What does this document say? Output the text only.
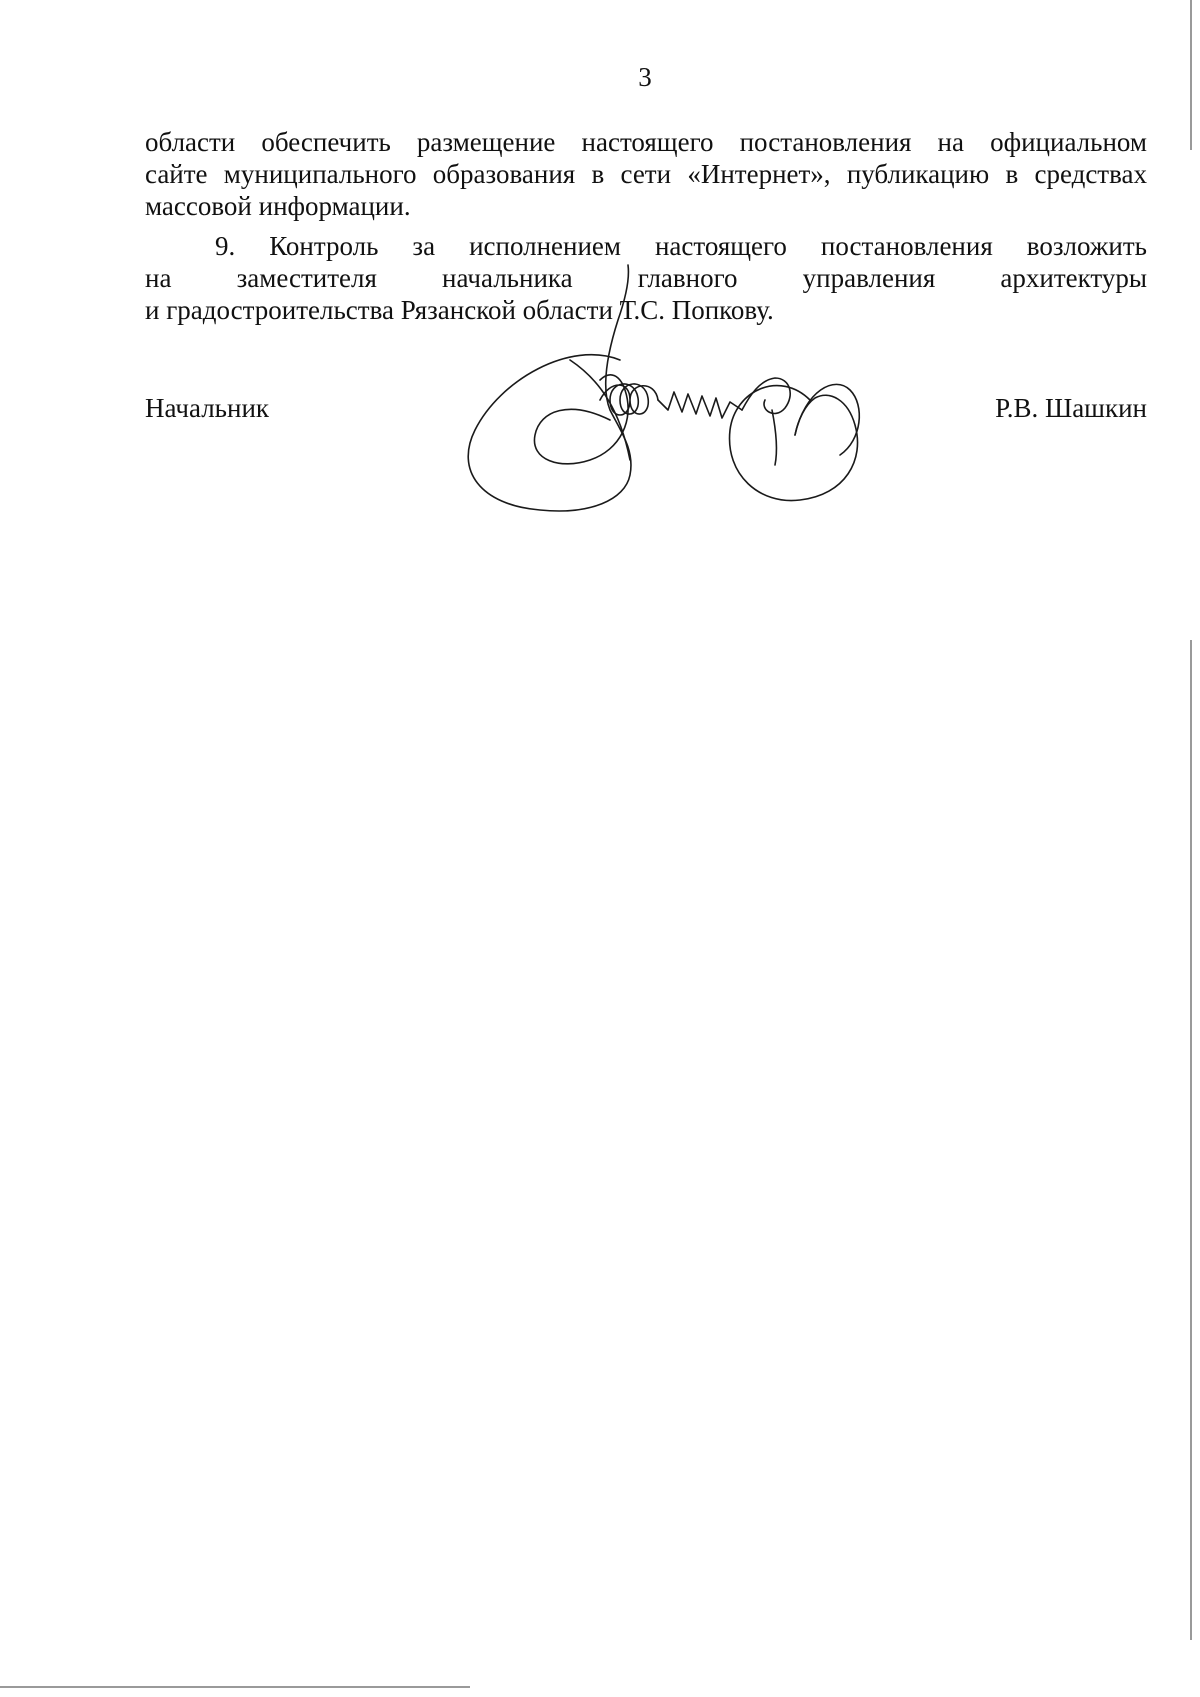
3
области обеспечить размещение настоящего постановления на официальном
сайте муниципального образования в сети «Интернет», публикацию в средствах
массовой информации.
9. Контроль за исполнением настоящего постановления возложить
на заместителя начальника главного управления архитектуры
и градостроительства Рязанской области Т.С. Попкову.
Начальник	Р.В. Шашкин
